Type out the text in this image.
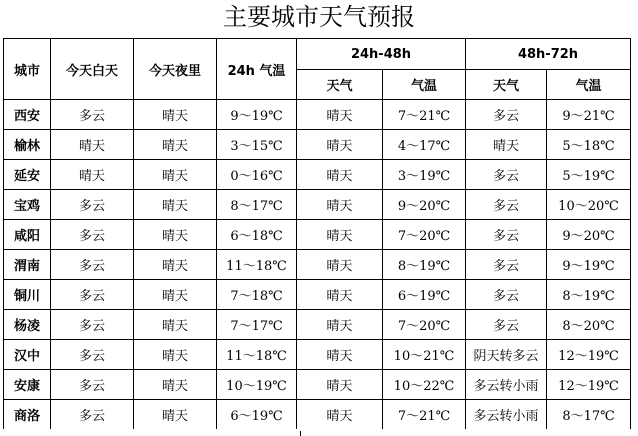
主要城市天气预报
城市	今天白天	今天夜里	24h 气温	24h-48h		48h-72h	
				天气	气温	天气	气温
西安	多云	晴天	9～19℃	晴天	7～21℃	多云	9～21℃
榆林	晴天	晴天	3～15℃	晴天	4～17℃	晴天	5～18℃
延安	晴天	晴天	0～16℃	晴天	3～19℃	多云	5～19℃
宝鸡	多云	晴天	8～17℃	晴天	9～20℃	多云	10～20℃
咸阳	多云	晴天	6～18℃	晴天	7～20℃	多云	9～20℃
渭南	多云	晴天	11～18℃	晴天	8～19℃	多云	9～19℃
铜川	多云	晴天	7～18℃	晴天	6～19℃	多云	8～19℃
杨凌	多云	晴天	7～17℃	晴天	7～20℃	多云	8～20℃
汉中	多云	晴天	11～18℃	晴天	10～21℃	阴天转多云	12～19℃
安康	多云	晴天	10～19℃	晴天	10～22℃	多云转小雨	12～19℃
商洛	多云	晴天	6～19℃	晴天	7～21℃	多云转小雨	8～17℃
